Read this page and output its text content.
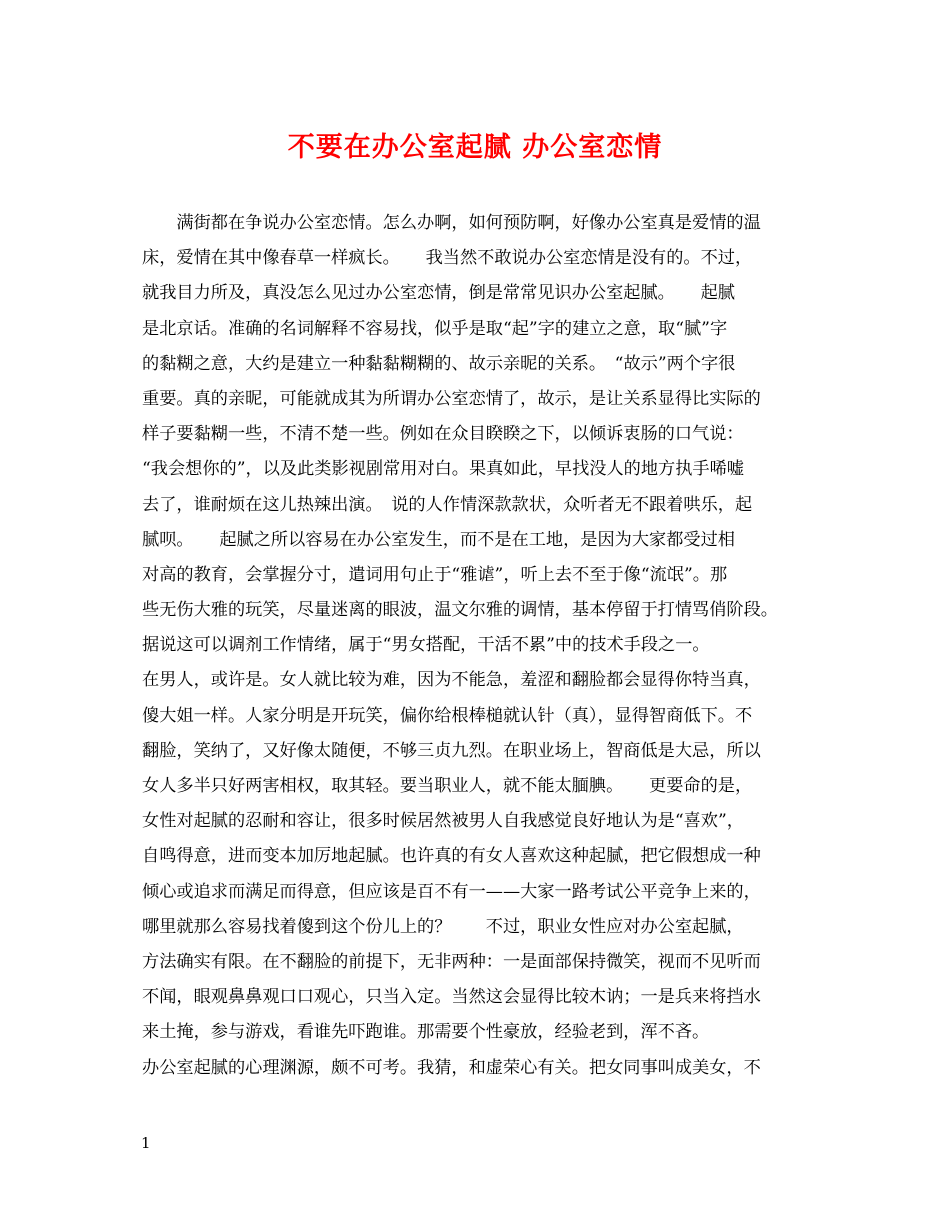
不要在办公室起腻 办公室恋情
　　满街都在争说办公室恋情。怎么办啊，如何预防啊，好像办公室真是爱情的温
床，爱情在其中像春草一样疯长。　　我当然不敢说办公室恋情是没有的。不过，
就我目力所及，真没怎么见过办公室恋情，倒是常常见识办公室起腻。　　起腻
是北京话。准确的名词解释不容易找，似乎是取“起”字的建立之意，取“腻”字
的黏糊之意，大约是建立一种黏黏糊糊的、故示亲昵的关系。　“故示”两个字很
重要。真的亲昵，可能就成其为所谓办公室恋情了，故示，是让关系显得比实际的
样子要黏糊一些，不清不楚一些。例如在众目睽睽之下，以倾诉衷肠的口气说：
“我会想你的”，以及此类影视剧常用对白。果真如此，早找没人的地方执手唏嘘
去了，谁耐烦在这儿热辣出演。　说的人作情深款款状，众听者无不跟着哄乐，起
腻呗。　　起腻之所以容易在办公室发生，而不是在工地，是因为大家都受过相
对高的教育，会掌握分寸，遣词用句止于“雅谑”，听上去不至于像“流氓”。那
些无伤大雅的玩笑，尽量迷离的眼波，温文尔雅的调情，基本停留于打情骂俏阶段。
据说这可以调剂工作情绪，属于“男女搭配，干活不累”中的技术手段之一。
在男人，或许是。女人就比较为难，因为不能急，羞涩和翻脸都会显得你特当真，
傻大姐一样。人家分明是开玩笑，偏你给根棒槌就认针（真），显得智商低下。不
翻脸，笑纳了，又好像太随便，不够三贞九烈。在职业场上，智商低是大忌，所以
女人多半只好两害相权，取其轻。要当职业人，就不能太腼腆。　　更要命的是，
女性对起腻的忍耐和容让，很多时候居然被男人自我感觉良好地认为是“喜欢”，
自鸣得意，进而变本加厉地起腻。也许真的有女人喜欢这种起腻，把它假想成一种
倾心或追求而满足而得意，但应该是百不有一——大家一路考试公平竞争上来的，
哪里就那么容易找着傻到这个份儿上的？　　不过，职业女性应对办公室起腻，
方法确实有限。在不翻脸的前提下，无非两种：一是面部保持微笑，视而不见听而
不闻，眼观鼻鼻观口口观心，只当入定。当然这会显得比较木讷；一是兵来将挡水
来土掩，参与游戏，看谁先吓跑谁。那需要个性豪放，经验老到，浑不吝。
办公室起腻的心理渊源，颇不可考。我猜，和虚荣心有关。把女同事叫成美女，不
1
